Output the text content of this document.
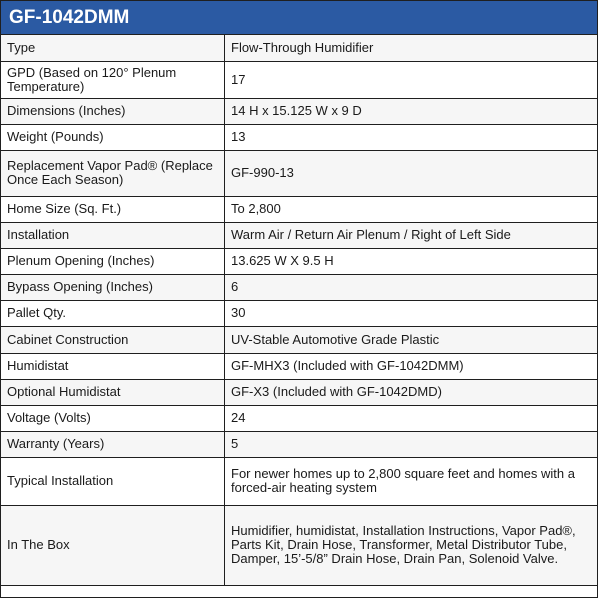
GF-1042DMM
Type	Flow-Through Humidifier
GPD (Based on 120° Plenum Temperature)	17
Dimensions (Inches)	14 H x 15.125 W x 9 D
Weight (Pounds)	13
Replacement Vapor Pad® (Replace Once Each Season)	GF-990-13
Home Size (Sq. Ft.)	To 2,800
Installation	Warm Air / Return Air Plenum / Right of Left Side
Plenum Opening (Inches)	13.625 W X 9.5 H
Bypass Opening (Inches)	6
Pallet Qty.	30
Cabinet Construction	UV-Stable Automotive Grade Plastic
Humidistat	GF-MHX3 (Included with GF-1042DMM)
Optional Humidistat	GF-X3 (Included with GF-1042DMD)
Voltage (Volts)	24
Warranty (Years)	5
Typical Installation	For newer homes up to 2,800 square feet and homes with a forced-air heating system
In The Box	Humidifier, humidistat, Installation Instructions, Vapor Pad®, Parts Kit, Drain Hose, Transformer, Metal Distributor Tube, Damper, 15’-5/8” Drain Hose, Drain Pan, Solenoid Valve.
